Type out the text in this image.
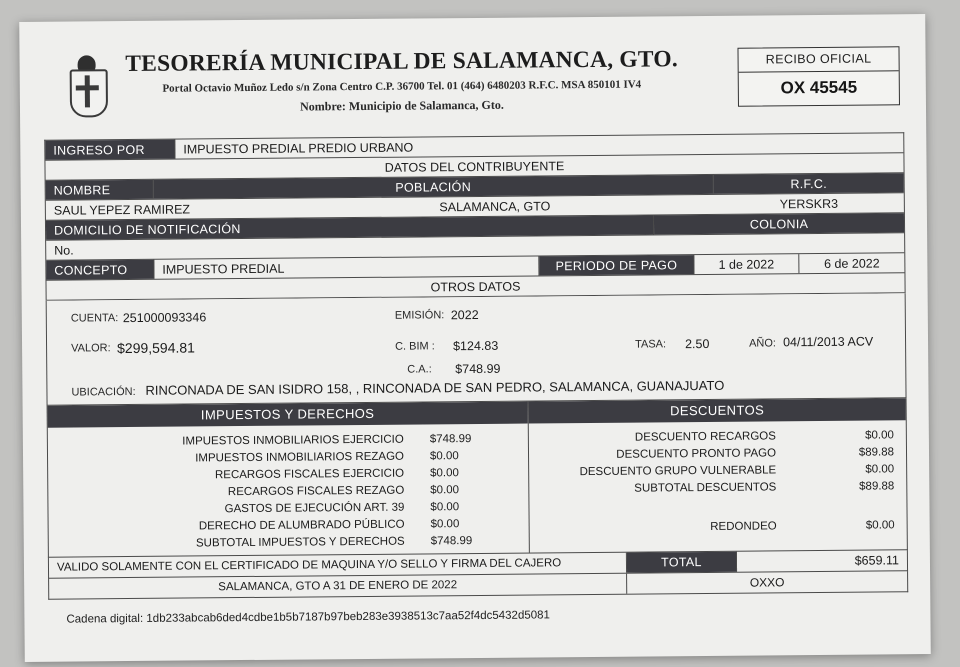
TESORERÍA MUNICIPAL DE SALAMANCA, GTO.
Portal Octavio Muñoz Ledo s/n Zona Centro C.P. 36700 Tel. 01 (464) 6480203 R.F.C. MSA 850101 IV4
Nombre: Municipio de Salamanca, Gto.
RECIBO OFICIAL
OX 45545
INGRESO POR	IMPUESTO PREDIAL PREDIO URBANO
DATOS DEL CONTRIBUYENTE
NOMBRE	POBLACIÓN	R.F.C.
SAUL YEPEZ RAMIREZ	SALAMANCA, GTO	YERSKR3
DOMICILIO DE NOTIFICACIÓN	COLONIA
No.
CONCEPTO	IMPUESTO PREDIAL	PERIODO DE PAGO	1 de 2022	6 de 2022
OTROS DATOS
CUENTA: 251000093346	EMISIÓN: 2022
VALOR: $299,594.81	C. BIM : $124.83	TASA: 2.50	AÑO: 04/11/2013 ACV
C.A.: $748.99
UBICACIÓN: RINCONADA DE SAN ISIDRO 158, , RINCONADA DE SAN PEDRO, SALAMANCA, GUANAJUATO
IMPUESTOS Y DERECHOS
IMPUESTOS INMOBILIARIOS EJERCICIO	$748.99
IMPUESTOS INMOBILIARIOS REZAGO	$0.00
RECARGOS FISCALES EJERCICIO	$0.00
RECARGOS FISCALES REZAGO	$0.00
GASTOS DE EJECUCIÓN ART. 39	$0.00
DERECHO DE ALUMBRADO PÚBLICO	$0.00
SUBTOTAL IMPUESTOS Y DERECHOS	$748.99
DESCUENTOS
DESCUENTO RECARGOS	$0.00
DESCUENTO PRONTO PAGO	$89.88
DESCUENTO GRUPO VULNERABLE	$0.00
SUBTOTAL DESCUENTOS	$89.88
REDONDEO	$0.00
VALIDO SOLAMENTE CON EL CERTIFICADO DE MAQUINA Y/O SELLO Y FIRMA DEL CAJERO	TOTAL	$659.11
SALAMANCA, GTO A 31 DE ENERO DE 2022	OXXO
Cadena digital: 1db233abcab6ded4cdbe1b5b7187b97beb283e3938513c7aa52f4dc5432d5081
